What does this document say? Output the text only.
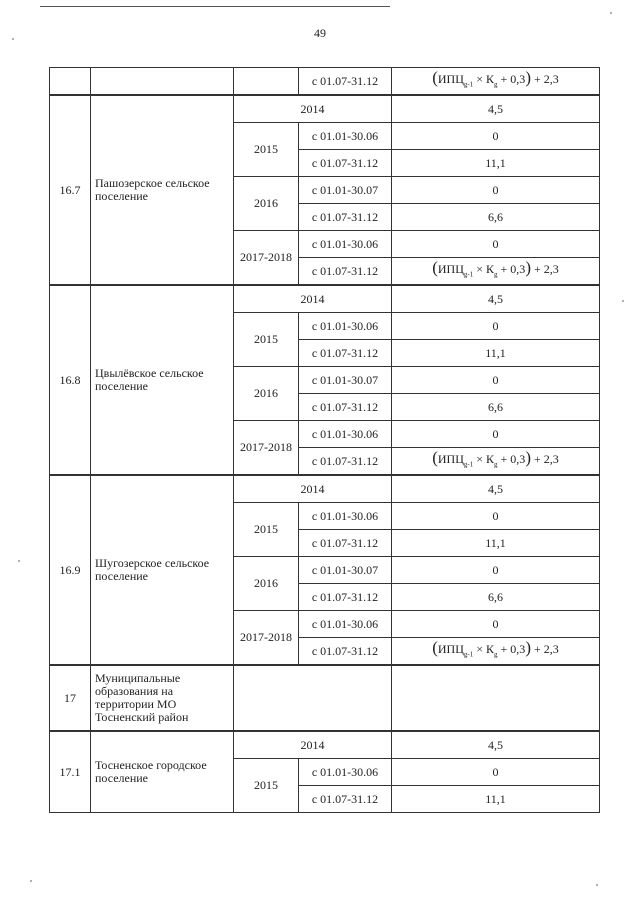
49
			с 01.07-31.12	$(ИПЦ_{g-1} \times К_g + 0,3) + 2,3$
16.7	Пашозерское сельское поселение	2014		4,5
		2015	с 01.01-30.06	0
			с 01.07-31.12	11,1
		2016	с 01.01-30.07	0
			с 01.07-31.12	6,6
		2017-2018	с 01.01-30.06	0
			с 01.07-31.12	$(ИПЦ_{g-1} \times К_g + 0,3) + 2,3$
16.8	Цвылёвское сельское поселение	2014		4,5
		2015	с 01.01-30.06	0
			с 01.07-31.12	11,1
		2016	с 01.01-30.07	0
			с 01.07-31.12	6,6
		2017-2018	с 01.01-30.06	0
			с 01.07-31.12	$(ИПЦ_{g-1} \times К_g + 0,3) + 2,3$
16.9	Шугозерское сельское поселение	2014		4,5
		2015	с 01.01-30.06	0
			с 01.07-31.12	11,1
		2016	с 01.01-30.07	0
			с 01.07-31.12	6,6
		2017-2018	с 01.01-30.06	0
			с 01.07-31.12	$(ИПЦ_{g-1} \times К_g + 0,3) + 2,3$
17	Муниципальные образования на территории МО Тосненский район			
17.1	Тосненское городское поселение	2014		4,5
		2015	с 01.01-30.06	0
			с 01.07-31.12	11,1
